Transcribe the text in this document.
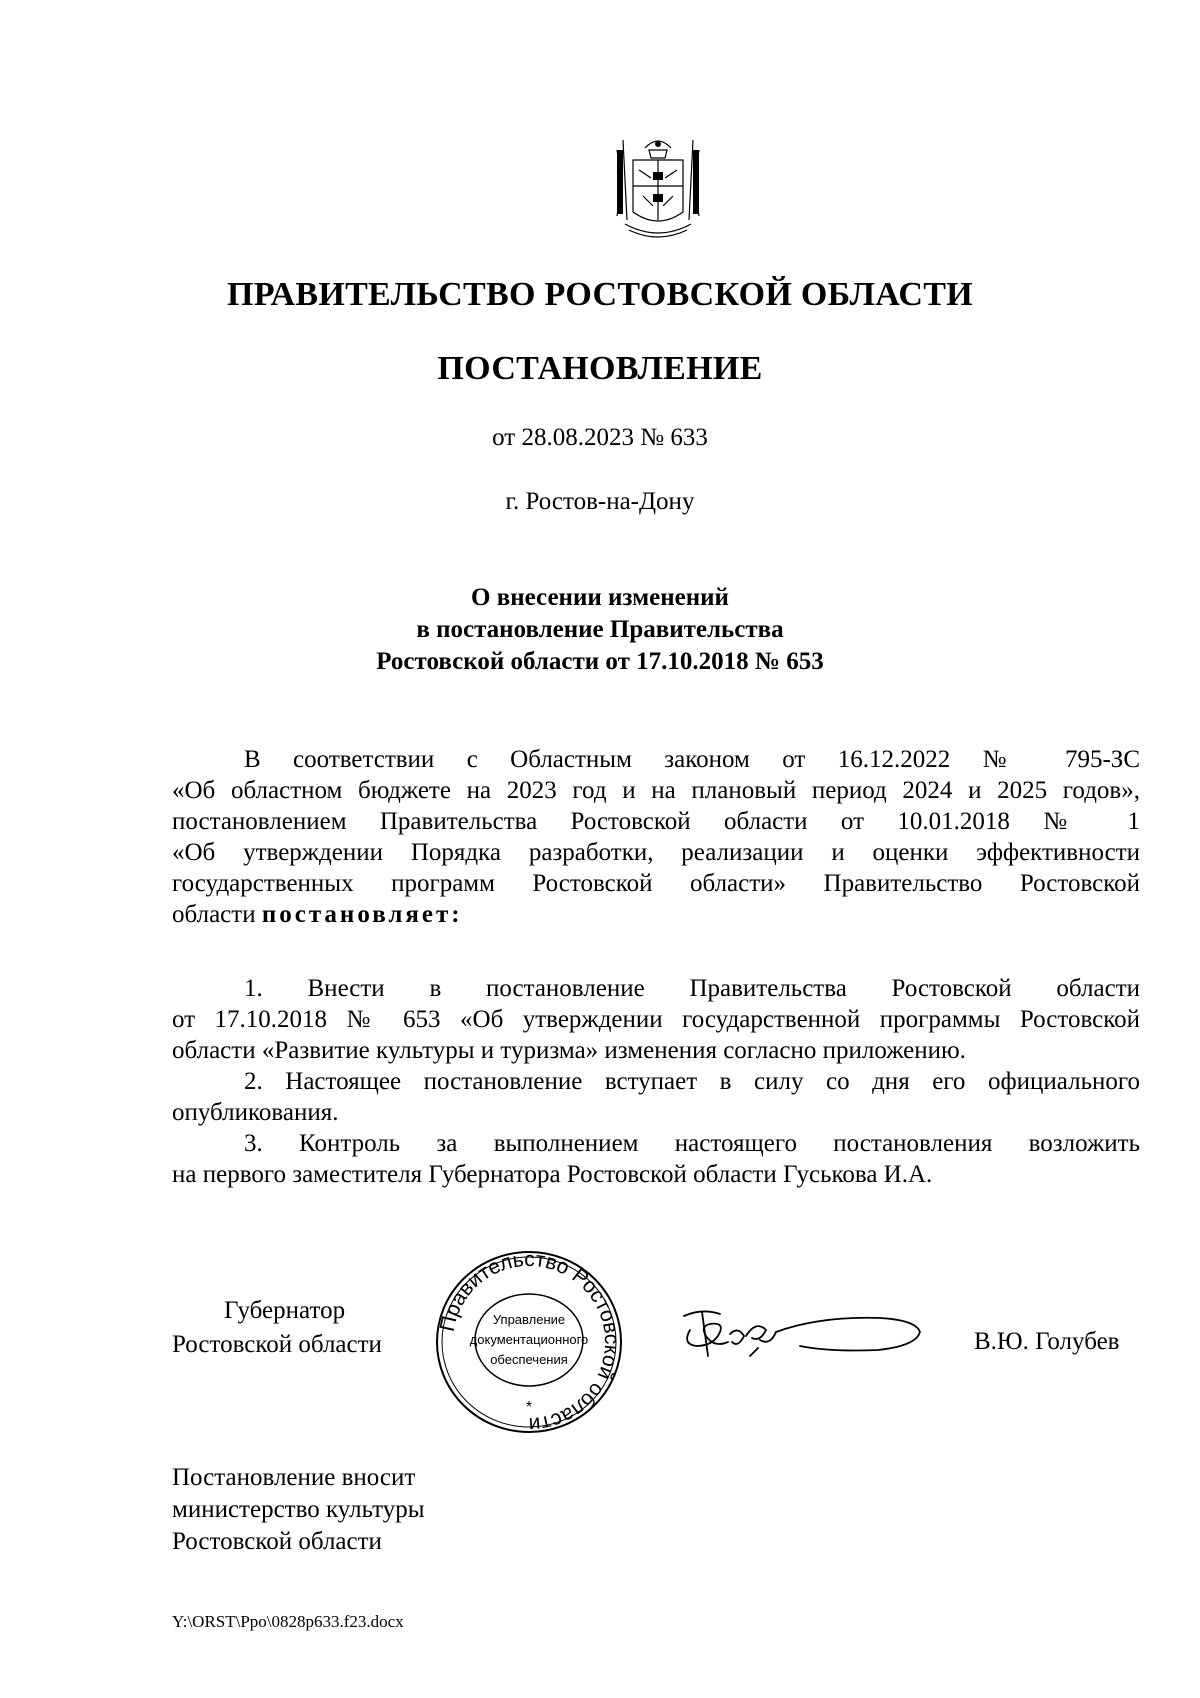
ПРАВИТЕЛЬСТВО РОСТОВСКОЙ ОБЛАСТИ
ПОСТАНОВЛЕНИЕ
от 28.08.2023 № 633
г. Ростов-на-Дону
О внесении изменений
в постановление Правительства
Ростовской области от 17.10.2018 № 653
В соответствии с Областным законом от 16.12.2022 № 795-ЗС
«Об областном бюджете на 2023 год и на плановый период 2024 и 2025 годов»,
постановлением Правительства Ростовской области от 10.01.2018 № 1
«Об утверждении Порядка разработки, реализации и оценки эффективности
государственных программ Ростовской области» Правительство Ростовской
области постановляет:
1. Внести в постановление Правительства Ростовской области
от 17.10.2018 № 653 «Об утверждении государственной программы Ростовской
области «Развитие культуры и туризма» изменения согласно приложению.
2. Настоящее постановление вступает в силу со дня его официального
опубликования.
3. Контроль за выполнением настоящего постановления возложить
на первого заместителя Губернатора Ростовской области Гуськова И.А.
Губернатор
Ростовской области
Правительство Ростовской области
Управление
документационного
обеспечения
*
В.Ю. Голубев
Постановление вносит
министерство культуры
Ростовской области
Y:\ORST\Ppo\0828p633.f23.docx
